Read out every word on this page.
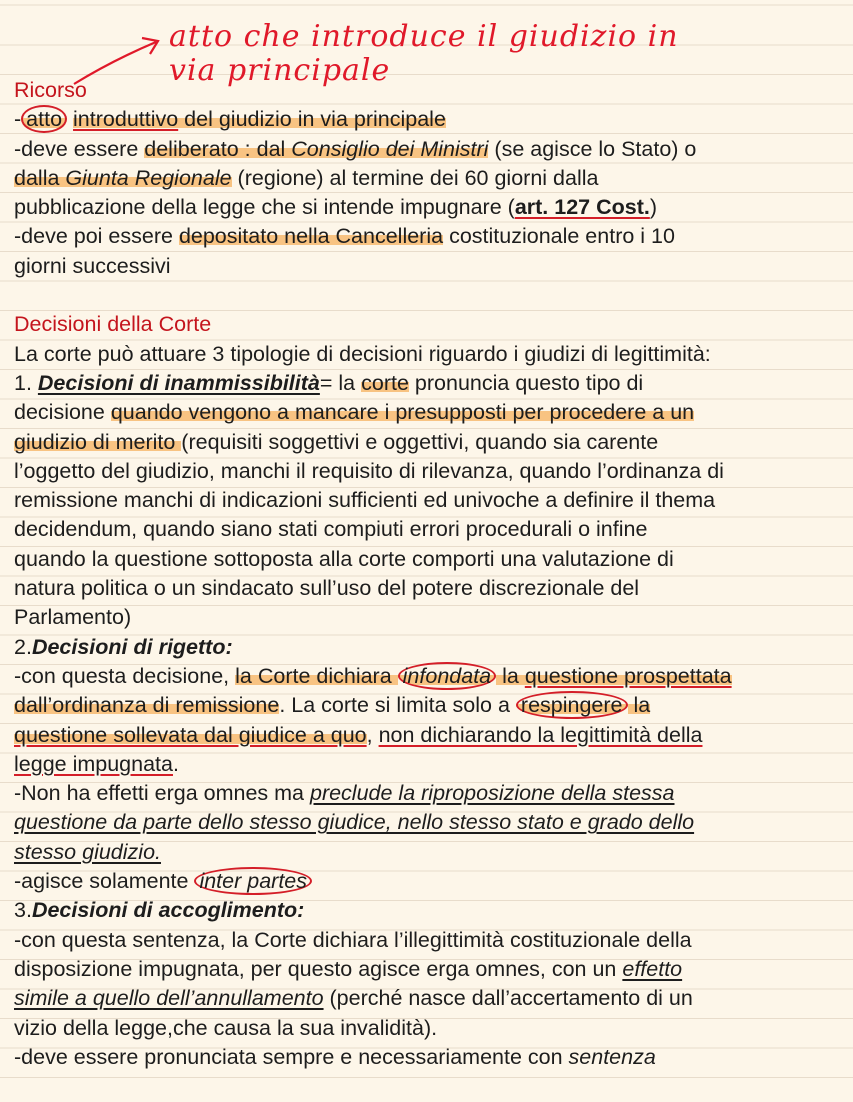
atto che introduce il giudizio in
via principale
Ricorso
- atto introduttivo del giudizio in via principale
-deve essere deliberato : dal Consiglio dei Ministri (se agisce lo Stato) o
dalla Giunta Regionale (regione) al termine dei 60 giorni dalla
pubblicazione della legge che si intende impugnare (art. 127 Cost.)
-deve poi essere depositato nella Cancelleria costituzionale entro i 10
giorni successivi
Decisioni della Corte
La corte può attuare 3 tipologie di decisioni riguardo i giudizi di legittimità:
1. Decisioni di inammissibilità= la corte pronuncia questo tipo di
decisione quando vengono a mancare i presupposti per procedere a un
giudizio di merito (requisiti soggettivi e oggettivi, quando sia carente
l’oggetto del giudizio, manchi il requisito di rilevanza, quando l’ordinanza di
remissione manchi di indicazioni sufficienti ed univoche a definire il thema
decidendum, quando siano stati compiuti errori procedurali o infine
quando la questione sottoposta alla corte comporti una valutazione di
natura politica o un sindacato sull’uso del potere discrezionale del
Parlamento)
2.Decisioni di rigetto:
-con questa decisione, la Corte dichiara infondata la questione prospettata
dall’ordinanza di remissione. La corte si limita solo a respingere la
questione sollevata dal giudice a quo, non dichiarando la legittimità della
legge impugnata.
-Non ha effetti erga omnes ma preclude la riproposizione della stessa
questione da parte dello stesso giudice, nello stesso stato e grado dello
stesso giudizio.
-agisce solamente inter partes
3.Decisioni di accoglimento:
-con questa sentenza, la Corte dichiara l’illegittimità costituzionale della
disposizione impugnata, per questo agisce erga omnes, con un effetto
simile a quello dell’annullamento (perché nasce dall’accertamento di un
vizio della legge,che causa la sua invalidità).
-deve essere pronunciata sempre e necessariamente con sentenza
